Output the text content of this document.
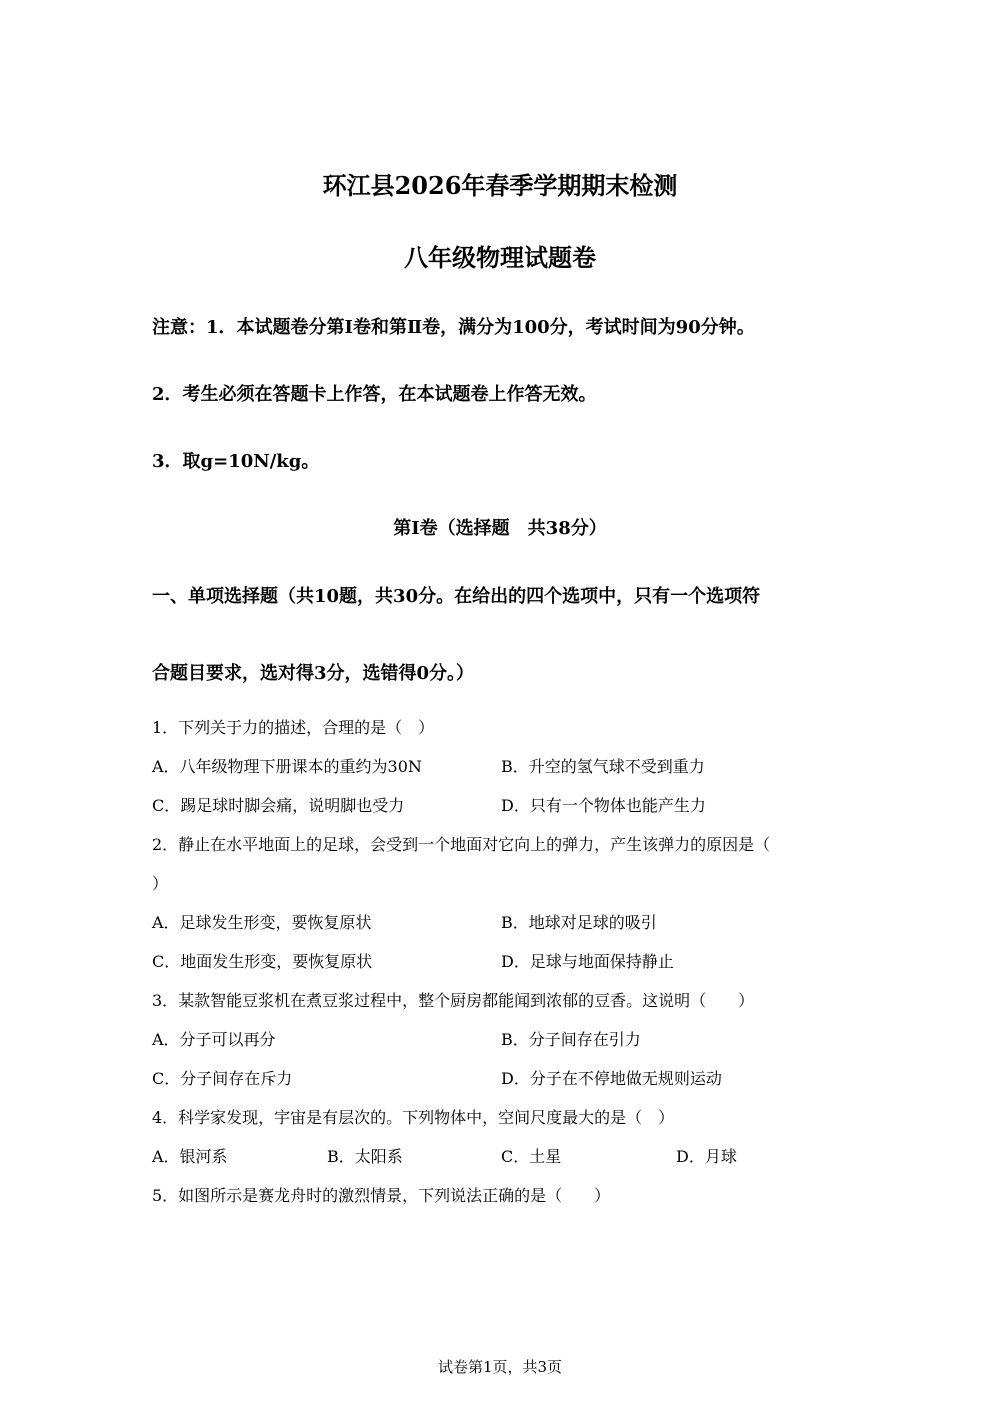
环江县2026年春季学期期末检测
八年级物理试题卷

注意：1．本试题卷分第Ⅰ卷和第Ⅱ卷，满分为100分，考试时间为90分钟。

2．考生必须在答题卡上作答，在本试题卷上作答无效。

3．取g=10N/kg。

第Ⅰ卷（选择题　共38分）

一、单项选择题（共10题，共30分。在给出的四个选项中，只有一个选项符

合题目要求，选对得3分，选错得0分。）

1．下列关于力的描述，合理的是（　）

A．八年级物理下册课本的重约为30N	B．升空的氢气球不受到重力
C．踢足球时脚会痛，说明脚也受力	D．只有一个物体也能产生力

2．静止在水平地面上的足球，会受到一个地面对它向上的弹力，产生该弹力的原因是（

）

A．足球发生形变，要恢复原状	B．地球对足球的吸引
C．地面发生形变，要恢复原状	D．足球与地面保持静止

3．某款智能豆浆机在煮豆浆过程中，整个厨房都能闻到浓郁的豆香。这说明（　　）

A．分子可以再分	B．分子间存在引力
C．分子间存在斥力	D．分子在不停地做无规则运动

4．科学家发现，宇宙是有层次的。下列物体中，空间尺度最大的是（　）

A．银河系	B．太阳系	C．土星	D．月球

5．如图所示是赛龙舟时的激烈情景，下列说法正确的是（　　）

试卷第1页，共3页
